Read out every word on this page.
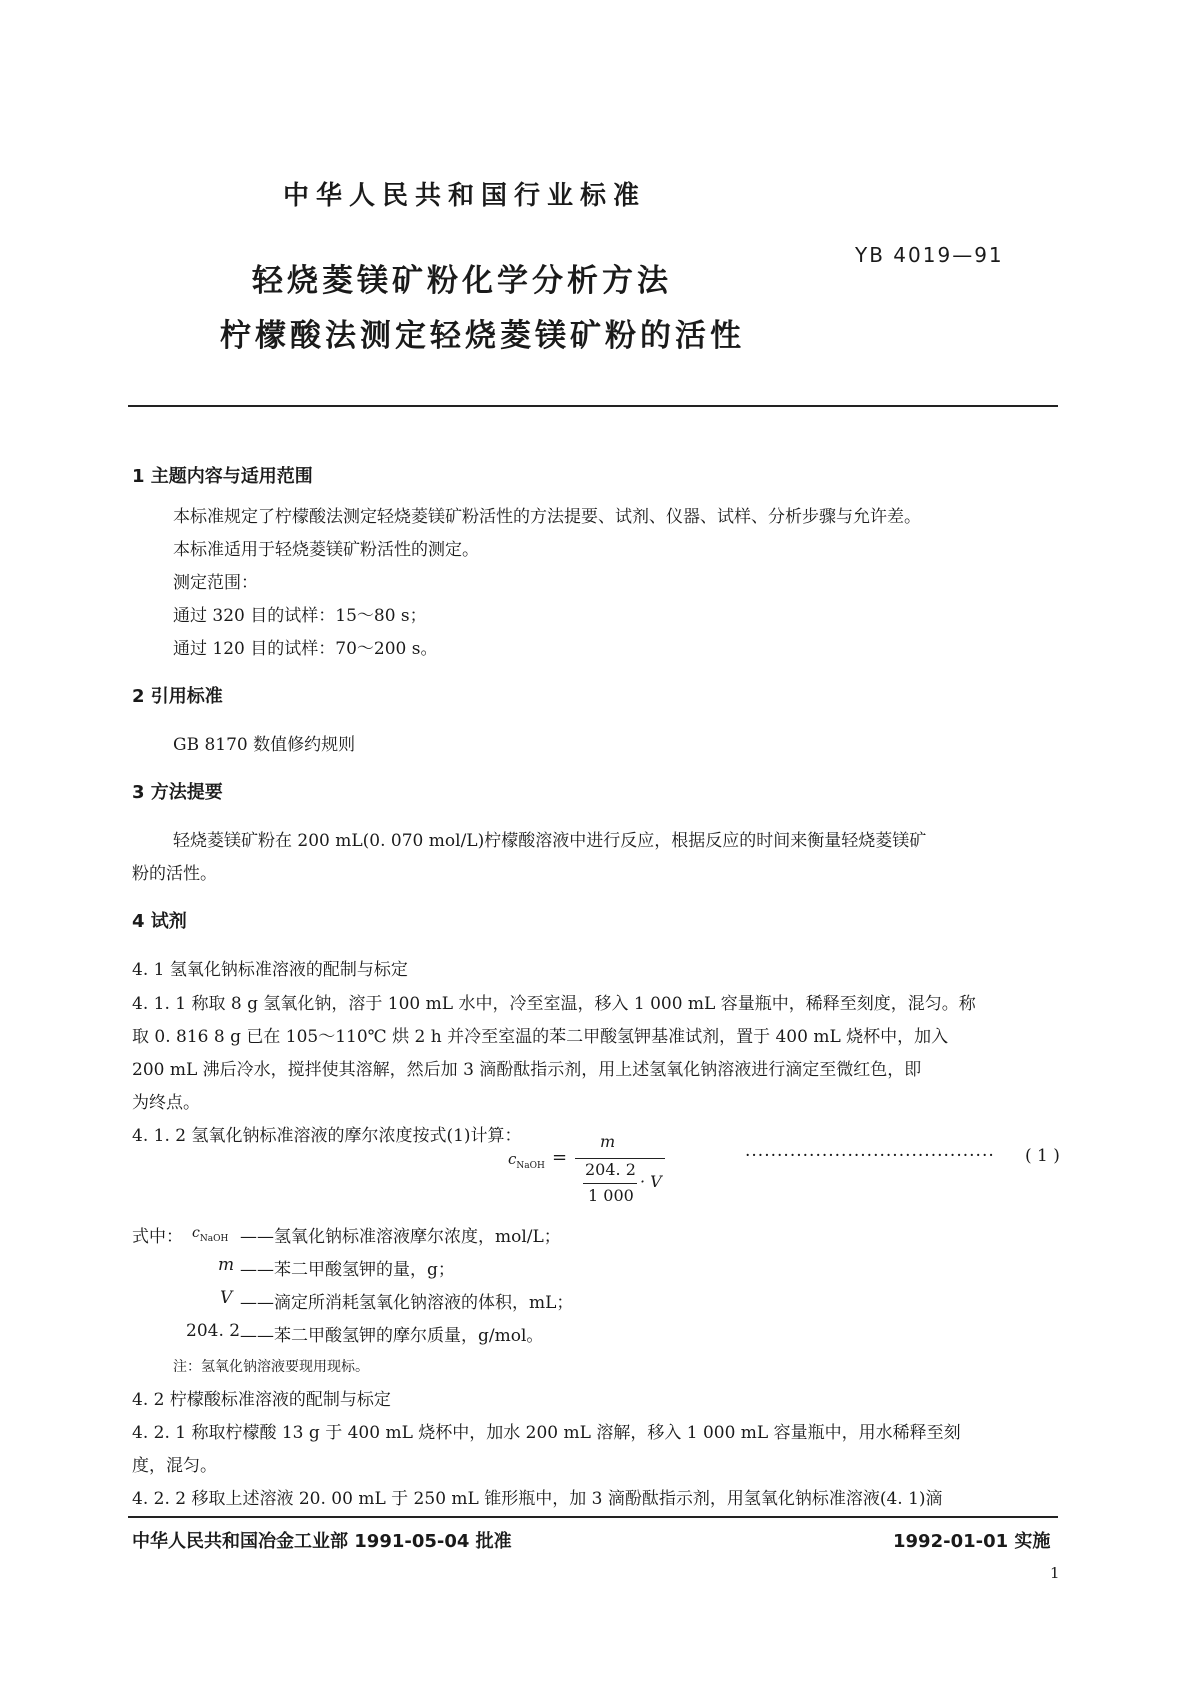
中华人民共和国行业标准
轻烧菱镁矿粉化学分析方法
柠檬酸法测定轻烧菱镁矿粉的活性
YB 4019—91
1 主题内容与适用范围
本标准规定了柠檬酸法测定轻烧菱镁矿粉活性的方法提要、试剂、仪器、试样、分析步骤与允许差。
本标准适用于轻烧菱镁矿粉活性的测定。
测定范围：
通过 320 目的试样：15～80 s；
通过 120 目的试样：70～200 s。
2 引用标准
GB 8170 数值修约规则
3 方法提要
轻烧菱镁矿粉在 200 mL(0. 070 mol/L)柠檬酸溶液中进行反应，根据反应的时间来衡量轻烧菱镁矿
粉的活性。
4 试剂
4. 1 氢氧化钠标准溶液的配制与标定
4. 1. 1 称取 8 g 氢氧化钠，溶于 100 mL 水中，冷至室温，移入 1 000 mL 容量瓶中，稀释至刻度，混匀。称
取 0. 816 8 g 已在 105～110℃ 烘 2 h 并冷至室温的苯二甲酸氢钾基准试剂，置于 400 mL 烧杯中，加入
200 mL 沸后冷水，搅拌使其溶解，然后加 3 滴酚酞指示剂，用上述氢氧化钠溶液进行滴定至微红色，即
为终点。
4. 1. 2 氢氧化钠标准溶液的摩尔浓度按式(1)计算：
$c_{NaOH}$ =
m
204. 2
1 000
· V
······································· ( 1 )
式中： $c_{NaOH}$ ——氢氧化钠标准溶液摩尔浓度，mol/L；
m ——苯二甲酸氢钾的量，g；
V ——滴定所消耗氢氧化钠溶液的体积，mL；
204. 2 ——苯二甲酸氢钾的摩尔质量，g/mol。
注：氢氧化钠溶液要现用现标。
4. 2 柠檬酸标准溶液的配制与标定
4. 2. 1 称取柠檬酸 13 g 于 400 mL 烧杯中，加水 200 mL 溶解，移入 1 000 mL 容量瓶中，用水稀释至刻
度，混匀。
4. 2. 2 移取上述溶液 20. 00 mL 于 250 mL 锥形瓶中，加 3 滴酚酞指示剂，用氢氧化钠标准溶液(4. 1)滴
中华人民共和国冶金工业部 1991-05-04 批准	1992-01-01 实施
1
